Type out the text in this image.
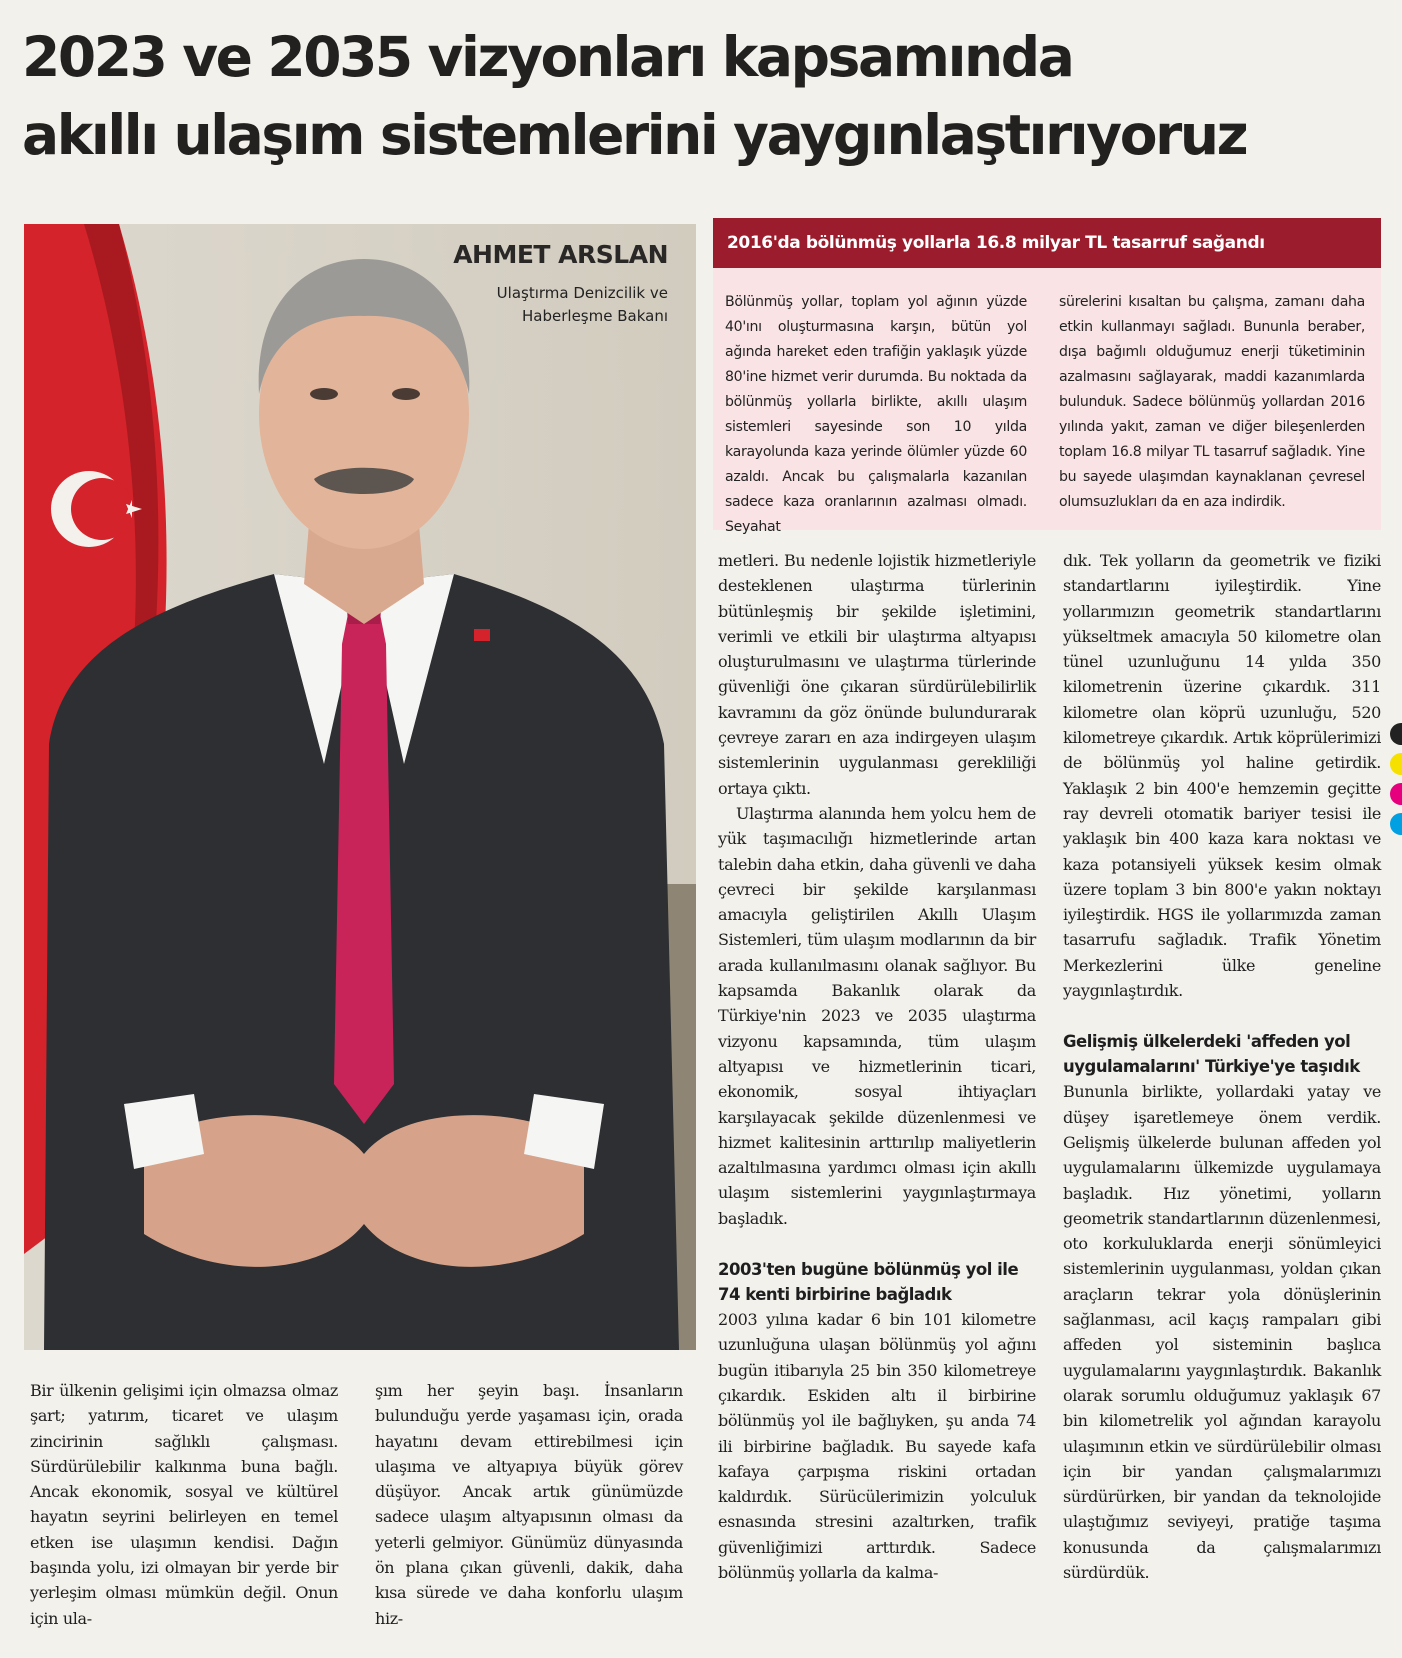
2023 ve 2035 vizyonları kapsamında
akıllı ulaşım sistemlerini yaygınlaştırıyoruz

AHMET ARSLAN

Ulaştırma Denizcilik ve Haberleşme Bakanı

2016'da bölünmüş yollarla 16.8 milyar TL tasarruf sağandı

Bölünmüş yollar, toplam yol ağının yüzde 40'ını oluşturmasına karşın, bütün yol ağında hareket eden trafiğin yaklaşık yüzde 80'ine hizmet verir durumda. Bu noktada da bölünmüş yollarla birlikte, akıllı ulaşım sistemleri sayesinde son 10 yılda karayolunda kaza yerinde ölümler yüzde 60 azaldı. Ancak bu çalışmalarla kazanılan sadece kaza oranlarının azalması olmadı. Seyahat

sürelerini kısaltan bu çalışma, zamanı daha etkin kullanmayı sağladı. Bununla beraber, dışa bağımlı olduğumuz enerji tüketiminin azalmasını sağlayarak, maddi kazanımlarda bulunduk. Sadece bölünmüş yollardan 2016 yılında yakıt, zaman ve diğer bileşenlerden toplam 16.8 milyar TL tasarruf sağladık. Yine bu sayede ulaşımdan kaynaklanan çevresel olumsuzlukları da en aza indirdik.

Bir ülkenin gelişimi için olmazsa olmaz şart; yatırım, ticaret ve ulaşım zincirinin sağlıklı çalışması. Sürdürülebilir kalkınma buna bağlı. Ancak ekonomik, sosyal ve kültürel hayatın seyrini belirleyen en temel etken ise ulaşımın kendisi. Dağın başında yolu, izi olmayan bir yerde bir yerleşim olması mümkün değil. Onun için ula-

şım her şeyin başı. İnsanların bulunduğu yerde yaşaması için, orada hayatını devam ettirebilmesi için ulaşıma ve altyapıya büyük görev düşüyor. Ancak artık günümüzde sadece ulaşım altyapısının olması da yeterli gelmiyor. Günümüz dünyasında ön plana çıkan güvenli, dakik, daha kısa sürede ve daha konforlu ulaşım hiz-

metleri. Bu nedenle lojistik hizmetleriyle desteklenen ulaştırma türlerinin bütünleşmiş bir şekilde işletimini, verimli ve etkili bir ulaştırma altyapısı oluşturulmasını ve ulaştırma türlerinde güvenliği öne çıkaran sürdürülebilirlik kavramını da göz önünde bulundurarak çevreye zararı en aza indirgeyen ulaşım sistemlerinin uygulanması gerekliliği ortaya çıktı.

Ulaştırma alanında hem yolcu hem de yük taşımacılığı hizmetlerinde artan talebin daha etkin, daha güvenli ve daha çevreci bir şekilde karşılanması amacıyla geliştirilen Akıllı Ulaşım Sistemleri, tüm ulaşım modlarının da bir arada kullanılmasını olanak sağlıyor. Bu kapsamda Bakanlık olarak da Türkiye'nin 2023 ve 2035 ulaştırma vizyonu kapsamında, tüm ulaşım altyapısı ve hizmetlerinin ticari, ekonomik, sosyal ihtiyaçları karşılayacak şekilde düzenlenmesi ve hizmet kalitesinin arttırılıp maliyetlerin azaltılmasına yardımcı olması için akıllı ulaşım sistemlerini yaygınlaştırmaya başladık.

2003'ten bugüne bölünmüş yol ile 74 kenti birbirine bağladık

2003 yılına kadar 6 bin 101 kilometre uzunluğuna ulaşan bölünmüş yol ağını bugün itibarıyla 25 bin 350 kilometreye çıkardık. Eskiden altı il birbirine bölünmüş yol ile bağlıyken, şu anda 74 ili birbirine bağladık. Bu sayede kafa kafaya çarpışma riskini ortadan kaldırdık. Sürücülerimizin yolculuk esnasında stresini azaltırken, trafik güvenliğimizi arttırdık. Sadece bölünmüş yollarla da kalma-

dık. Tek yolların da geometrik ve fiziki standartlarını iyileştirdik. Yine yollarımızın geometrik standartlarını yükseltmek amacıyla 50 kilometre olan tünel uzunluğunu 14 yılda 350 kilometrenin üzerine çıkardık. 311 kilometre olan köprü uzunluğu, 520 kilometreye çıkardık. Artık köprülerimizi de bölünmüş yol haline getirdik. Yaklaşık 2 bin 400'e hemzemin geçitte ray devreli otomatik bariyer tesisi ile yaklaşık bin 400 kaza kara noktası ve kaza potansiyeli yüksek kesim olmak üzere toplam 3 bin 800'e yakın noktayı iyileştirdik. HGS ile yollarımızda zaman tasarrufu sağladık. Trafik Yönetim Merkezlerini ülke geneline yaygınlaştırdık.

Gelişmiş ülkelerdeki 'affeden yol uygulamalarını' Türkiye'ye taşıdık

Bununla birlikte, yollardaki yatay ve düşey işaretlemeye önem verdik. Gelişmiş ülkelerde bulunan affeden yol uygulamalarını ülkemizde uygulamaya başladık. Hız yönetimi, yolların geometrik standartlarının düzenlenmesi, oto korkuluklarda enerji sönümleyici sistemlerinin uygulanması, yoldan çıkan araçların tekrar yola dönüşlerinin sağlanması, acil kaçış rampaları gibi affeden yol sisteminin başlıca uygulamalarını yaygınlaştırdık. Bakanlık olarak sorumlu olduğumuz yaklaşık 67 bin kilometrelik yol ağından karayolu ulaşımının etkin ve sürdürülebilir olması için bir yandan çalışmalarımızı sürdürürken, bir yandan da teknolojide ulaştığımız seviyeyi, pratiğe taşıma konusunda da çalışmalarımızı sürdürdük.
